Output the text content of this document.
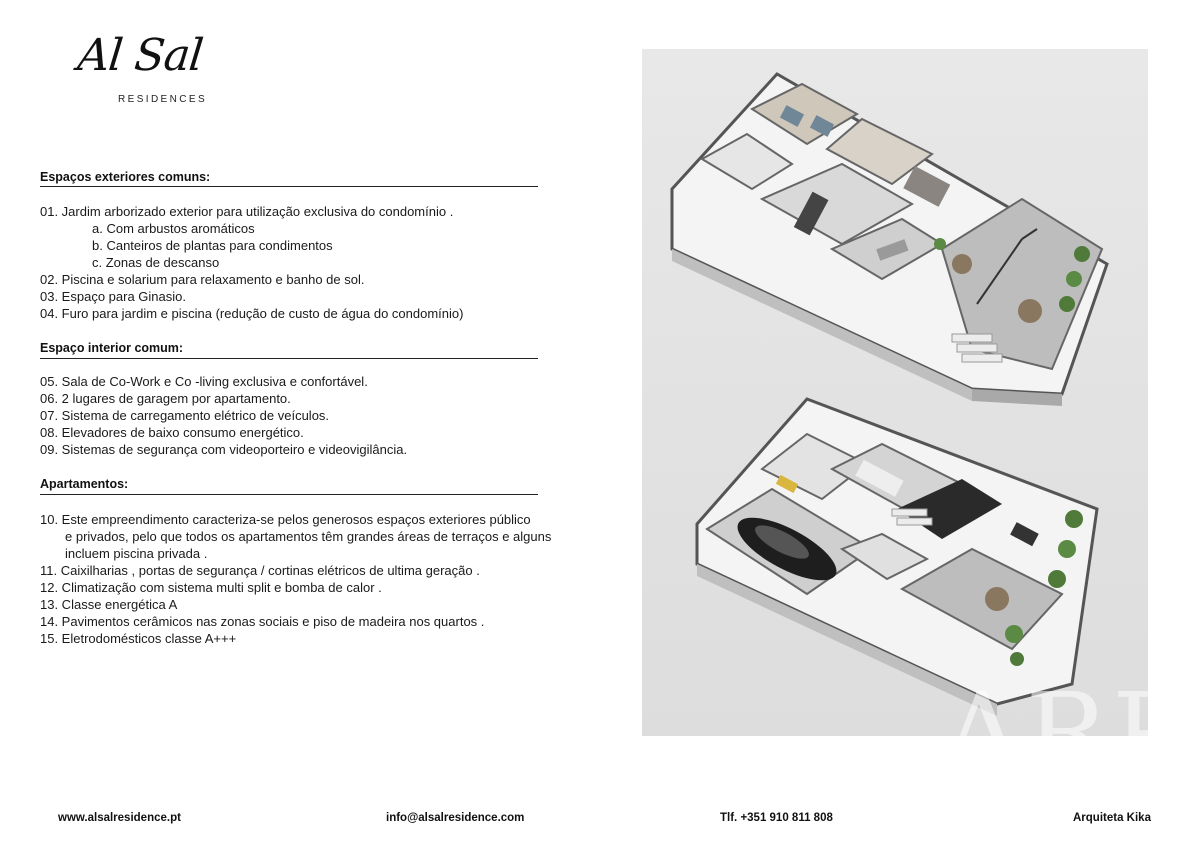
Al Sal
RESIDENCES
Espaços exteriores comuns:
01. Jardim arborizado exterior para utilização exclusiva do condomínio .
a. Com arbustos aromáticos
b. Canteiros de plantas para condimentos
c. Zonas de descanso
02. Piscina e solarium para relaxamento e banho de sol.
03. Espaço para Ginasio.
04. Furo para jardim e piscina (redução de custo de água do condomínio)
Espaço interior comum:
05. Sala de Co-Work e Co -living exclusiva e confortável.
06. 2 lugares de garagem por apartamento.
07. Sistema de carregamento elétrico de veículos.
08. Elevadores de baixo consumo energético.
09. Sistemas de segurança com videoporteiro e videovigilância.
Apartamentos:
10. Este empreendimento caracteriza-se pelos generosos espaços exteriores público
e privados, pelo que todos os apartamentos têm grandes áreas de terraços e alguns
incluem piscina privada .
11. Caixilharias , portas de segurança / cortinas elétricos de ultima geração .
12. Climatização com sistema multi split e bomba de calor .
13. Classe energética A
14. Pavimentos cerâmicos nas zonas sociais e piso de madeira nos quartos .
15. Eletrodomésticos classe A+++
ARP
www.alsalresidence.pt	info@alsalresidence.com	Tlf. +351 910 811 808	Arquiteta Kika
